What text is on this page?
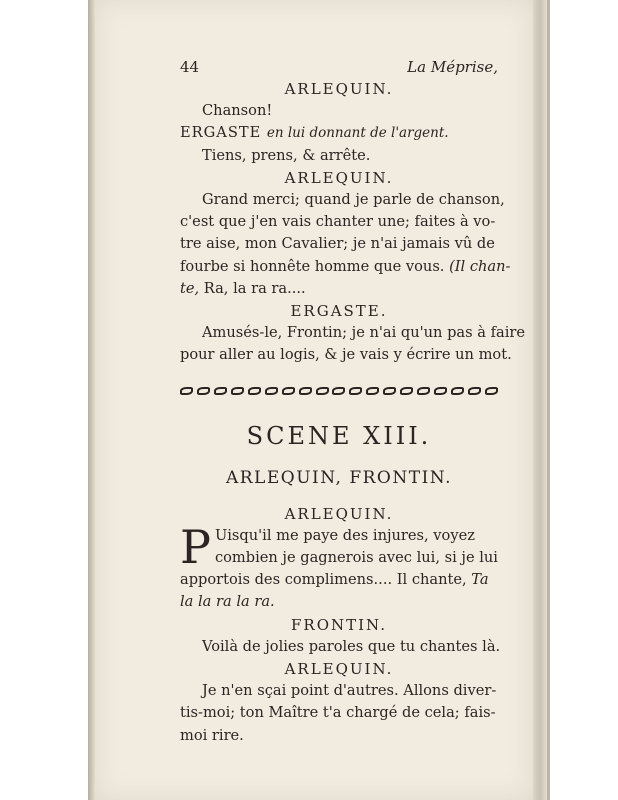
44	La Méprise,
ARLEQUIN.
Chanson!
ERGASTE en lui donnant de l'argent.
Tiens, prens, & arrête.
ARLEQUIN.
Grand merci; quand je parle de chanson,
c'est que j'en vais chanter une; faites à vo-
tre aise, mon Cavalier; je n'ai jamais vû de
fourbe si honnête homme que vous. (Il chan-
te, Ra, la ra ra....
ERGASTE.
Amusés-le, Frontin; je n'ai qu'un pas à faire
pour aller au logis, & je vais y écrire un mot.
SCENE XIII.
ARLEQUIN, FRONTIN.
ARLEQUIN.
P Uisqu'il me paye des injures, voyez
combien je gagnerois avec lui, si je lui
apportois des complimens.... Il chante, Ta
la la ra la ra.
FRONTIN.
Voilà de jolies paroles que tu chantes là.
ARLEQUIN.
Je n'en sçai point d'autres. Allons diver-
tis-moi; ton Maître t'a chargé de cela; fais-
moi rire.
